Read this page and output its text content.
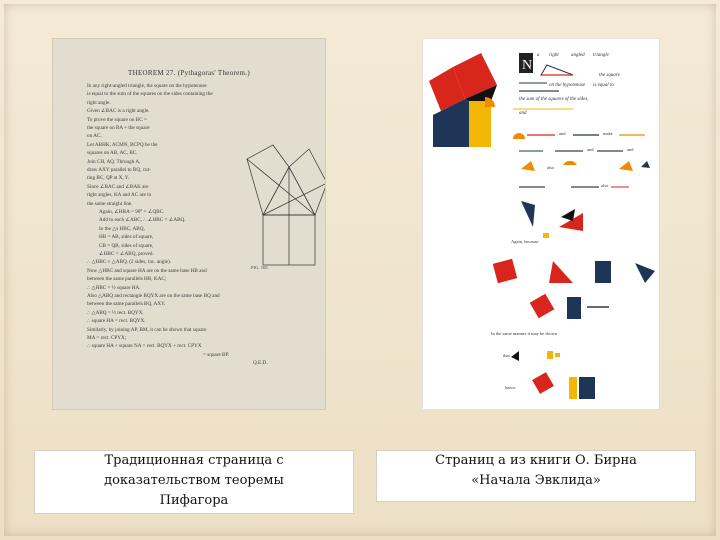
THEOREM 27. (Pythagoras' Theorem.)
In any right-angled triangle, the square on the hypotenuse
is equal to the sum of the squares on the sides containing the
right angle.
Given ∠BAC is a right angle.
To prove the square on BC =
the square on BA + the square
on AC.
Let ABHK, ACMN, BCPQ be the
squares on AB, AC, BC.
Join CH, AQ. Through A,
draw AXY parallel to BQ, cut-
ting BC, QP at X, Y.
Since ∠BAC and ∠BAK are
right angles, KA and AC are in
the same straight line.
Again, ∠HBA = 90° = ∠QBC.
Add to each ∠ABC, ∴ ∠HBC = ∠ABQ.
In the △s HBC, ABQ,
HB = AB, sides of square,
CB = QB, sides of square,
∠HBC = ∠ABQ, proved.
∴ △HBC ≡ △ABQ. (2 sides, inc. angle).
Now △HBC and square HA are on the same base HB and
between the same parallels HB, KAC;
∴ △HBC = ½ square HA.
Also △ABQ and rectangle BQYX are on the same base BQ and
between the same parallels BQ, AXY.
∴ △ABQ = ½ rect. BQYX.
∴ square HA = rect. BQYX.
Similarly, by joining AP, BM, it can be shown that square
MA = rect. CPYX;
∴ square HA + square NA = rect. BQYX + rect. CPYX
= square BP.
Q.E.D.
FIG. 165.
N
a right angled triangle
the square
on the hypotenuse is equal to
the sum of the squares of the sides,
and
and	make
and	and
also
also
Again, because
In the same manner it may be shown
that
hence
Традиционная страница с
доказательством теоремы
Пифагора
Страниц а из книги О. Бирна
«Начала Эвклида»
